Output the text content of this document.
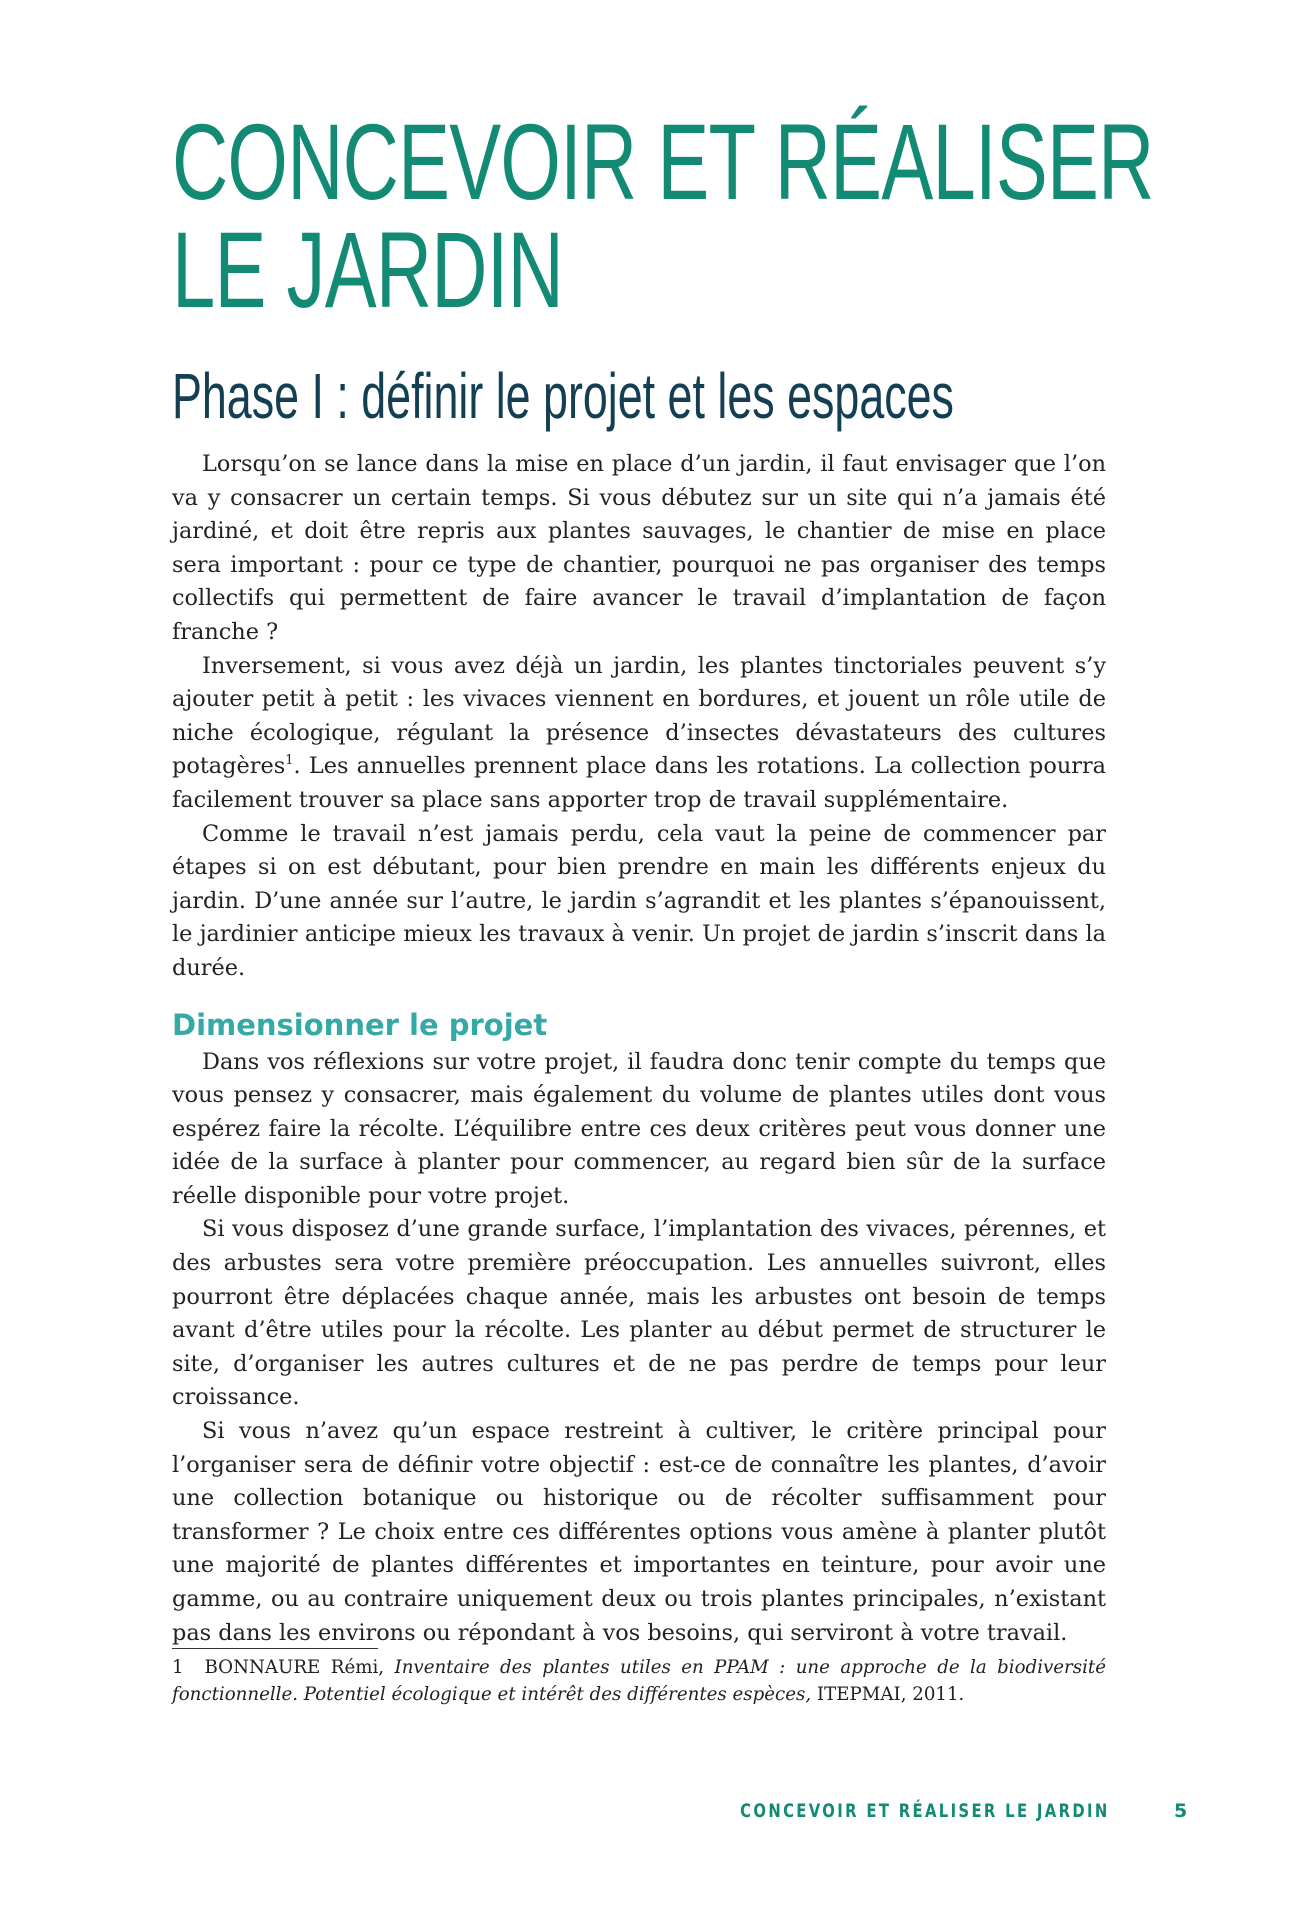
CONCEVOIR ET RÉALISER
LE JARDIN
Phase I : définir le projet et les espaces

Lorsqu’on se lance dans la mise en place d’un jardin, il faut envisager que l’on va y consacrer un certain temps. Si vous débutez sur un site qui n’a jamais été jardiné, et doit être repris aux plantes sauvages, le chantier de mise en place sera important : pour ce type de chantier, pourquoi ne pas organiser des temps collectifs qui permettent de faire avancer le travail d’implantation de façon franche ?

Inversement, si vous avez déjà un jardin, les plantes tinctoriales peuvent s’y ajouter petit à petit : les vivaces viennent en bordures, et jouent un rôle utile de niche écologique, régulant la présence d’insectes dévastateurs des cultures potagères$^1$. Les annuelles prennent place dans les rotations. La collection pourra facilement trouver sa place sans apporter trop de travail supplémentaire.

Comme le travail n’est jamais perdu, cela vaut la peine de commencer par étapes si on est débutant, pour bien prendre en main les différents enjeux du jardin. D’une année sur l’autre, le jardin s’agrandit et les plantes s’épanouissent, le jardinier anticipe mieux les travaux à venir. Un projet de jardin s’inscrit dans la durée.

Dimensionner le projet

Dans vos réflexions sur votre projet, il faudra donc tenir compte du temps que vous pensez y consacrer, mais également du volume de plantes utiles dont vous espérez faire la récolte. L’équilibre entre ces deux critères peut vous donner une idée de la surface à planter pour commencer, au regard bien sûr de la surface réelle disponible pour votre projet.

Si vous disposez d’une grande surface, l’implantation des vivaces, pérennes, et des arbustes sera votre première préoccupation. Les annuelles suivront, elles pourront être déplacées chaque année, mais les arbustes ont besoin de temps avant d’être utiles pour la récolte. Les planter au début permet de structurer le site, d’organiser les autres cultures et de ne pas perdre de temps pour leur croissance.

Si vous n’avez qu’un espace restreint à cultiver, le critère principal pour l’organiser sera de définir votre objectif : est-ce de connaître les plantes, d’avoir une collection botanique ou historique ou de récolter suffisamment pour transformer ? Le choix entre ces différentes options vous amène à planter plutôt une majorité de plantes différentes et importantes en teinture, pour avoir une gamme, ou au contraire uniquement deux ou trois plantes principales, n’existant pas dans les environs ou répondant à vos besoins, qui serviront à votre travail.

1 BONNAURE Rémi, Inventaire des plantes utiles en PPAM : une approche de la biodiversité fonctionnelle. Potentiel écologique et intérêt des différentes espèces, ITEPMAI, 2011.

CONCEVOIR ET RÉALISER LE JARDIN	5
